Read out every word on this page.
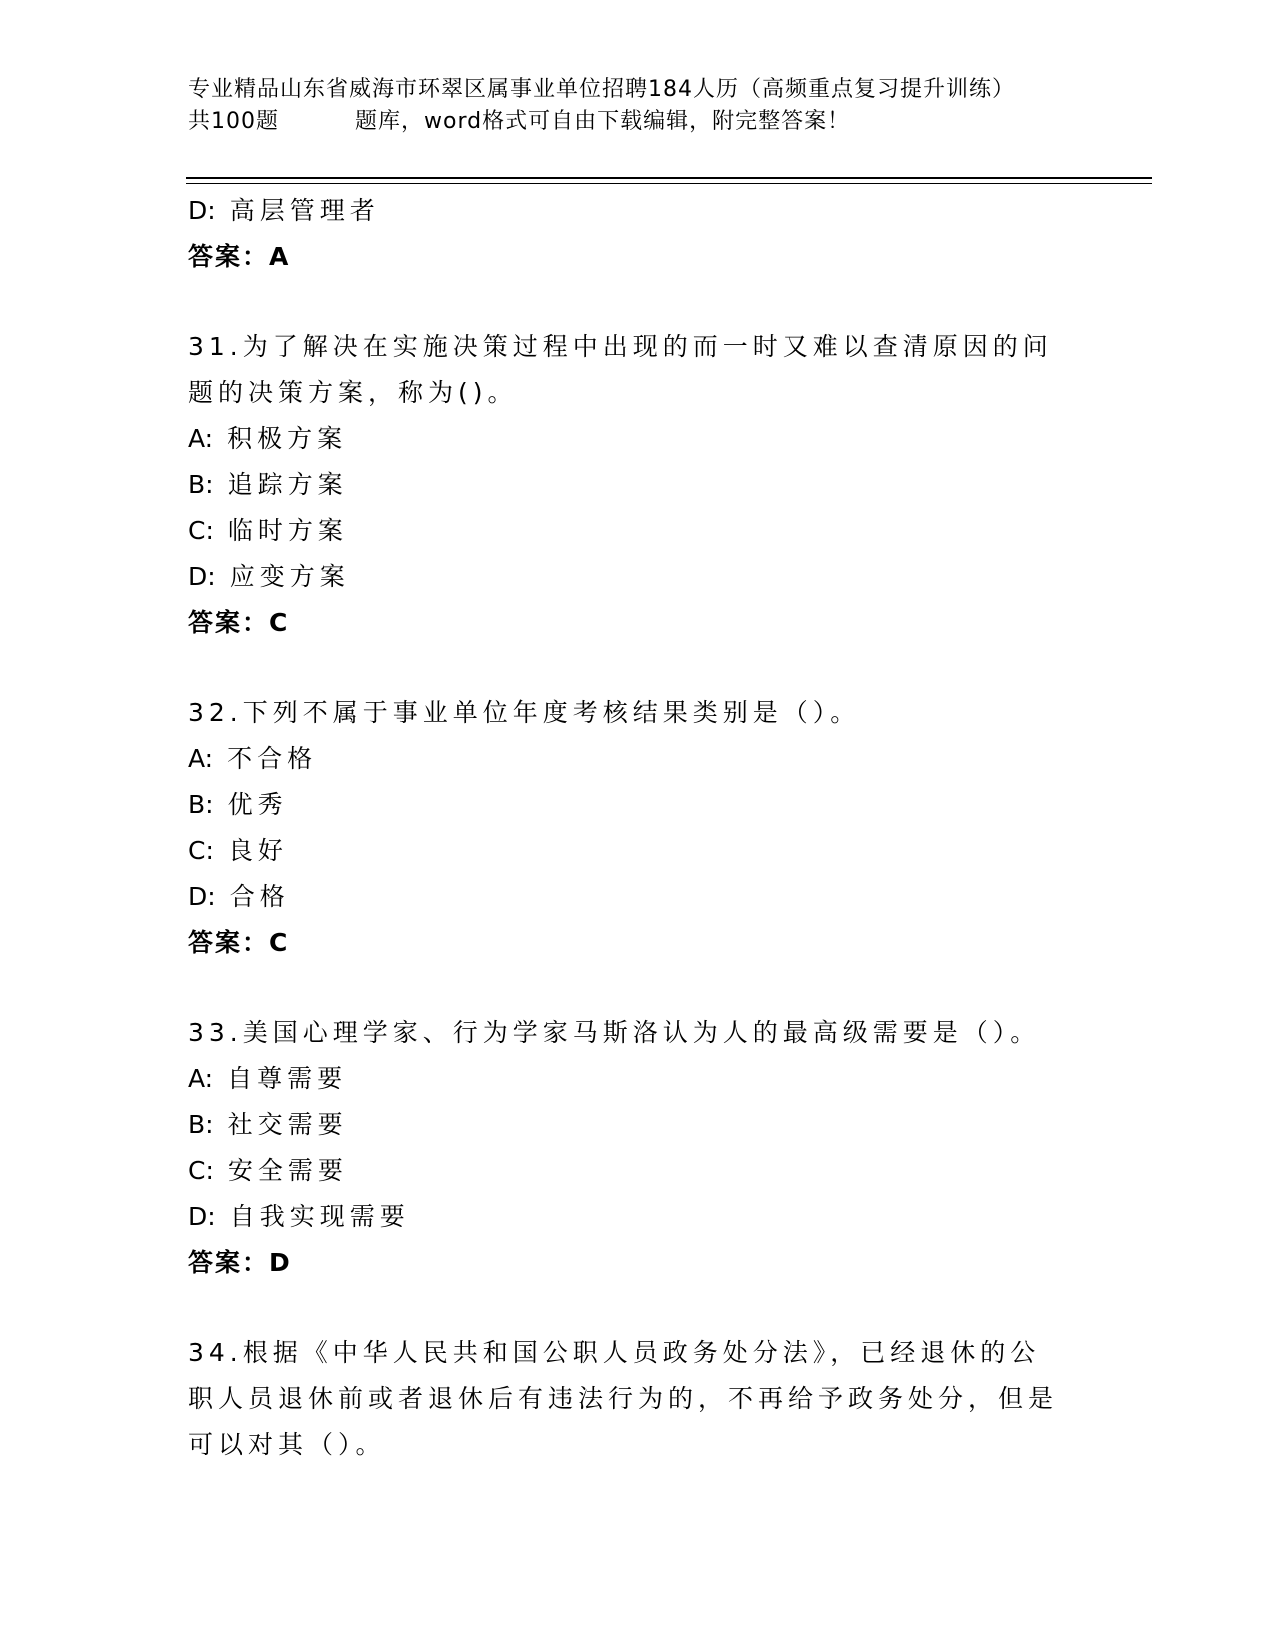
专业精品山东省威海市环翠区属事业单位招聘184人历（高频重点复习提升训练）
共100题	题库，word格式可自由下载编辑，附完整答案！
D: 高层管理者
答案：A
31.为了解决在实施决策过程中出现的而一时又难以查清原因的问题的决策方案，称为()。
A: 积极方案
B: 追踪方案
C: 临时方案
D: 应变方案
答案：C
32.下列不属于事业单位年度考核结果类别是（）。
A: 不合格
B: 优秀
C: 良好
D: 合格
答案：C
33.美国心理学家、行为学家马斯洛认为人的最高级需要是（）。
A: 自尊需要
B: 社交需要
C: 安全需要
D: 自我实现需要
答案：D
34.根据《中华人民共和国公职人员政务处分法》，已经退休的公职人员退休前或者退休后有违法行为的，不再给予政务处分，但是可以对其（）。
